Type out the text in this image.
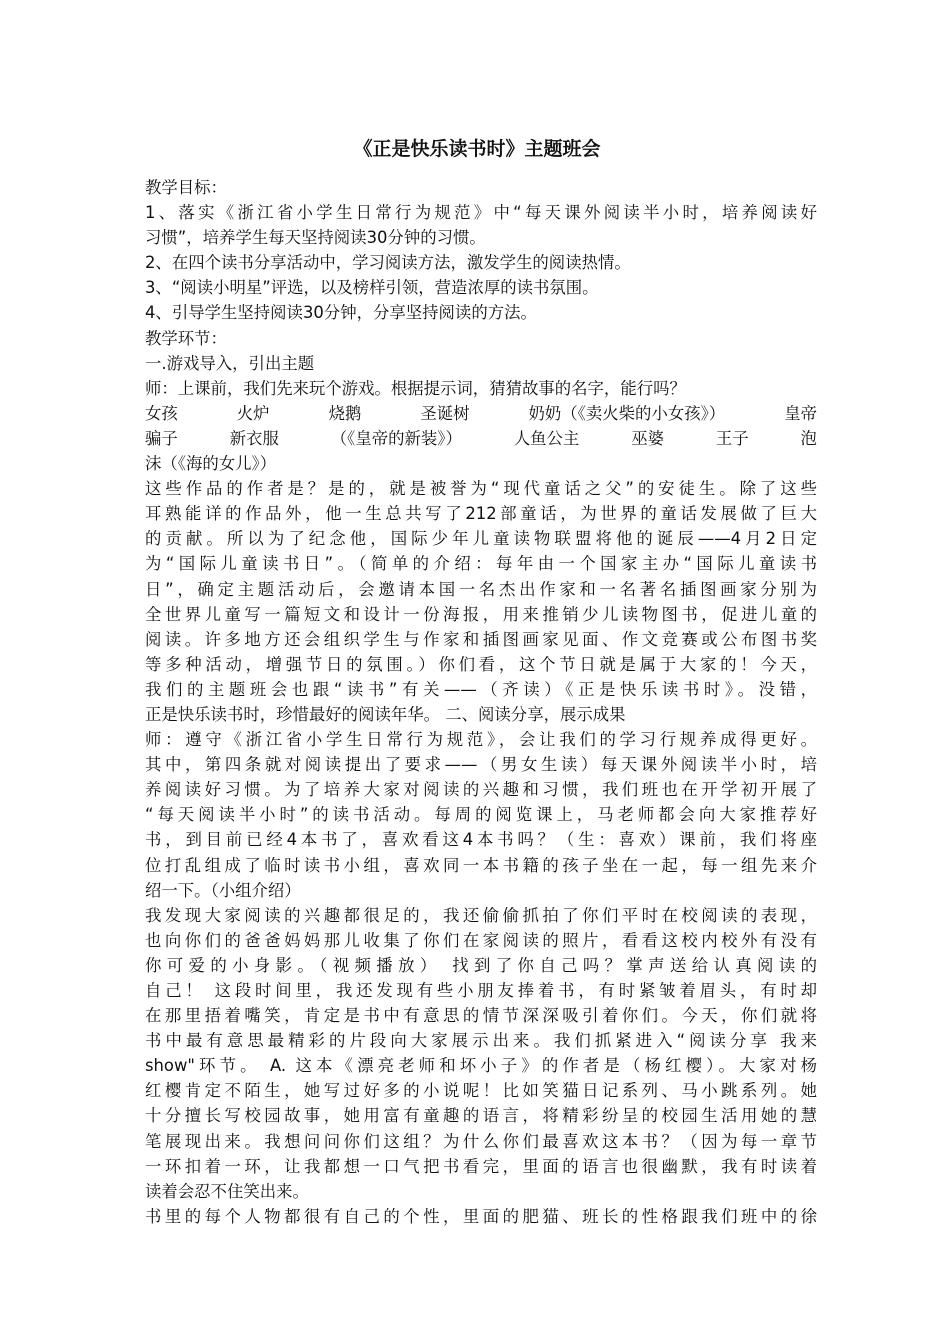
《正是快乐读书时》主题班会
教学目标：
1、落实《浙江省小学生日常行为规范》中“每天课外阅读半小时，培养阅读好
习惯”，培养学生每天坚持阅读30分钟的习惯。
2、在四个读书分享活动中，学习阅读方法，激发学生的阅读热情。
3、“阅读小明星”评选，以及榜样引领，营造浓厚的读书氛围。
4、引导学生坚持阅读30分钟，分享坚持阅读的方法。
教学环节：
一.游戏导入，引出主题
师：上课前，我们先来玩个游戏。根据提示词，猜猜故事的名字，能行吗？
女孩	火炉	烧鹅	圣诞树	奶奶（《卖火柴的小女孩》）	皇帝
骗子	新衣服	（《皇帝的新装》）	人鱼公主	巫婆	王子	泡
沫（《海的女儿》）
这些作品的作者是？是的，就是被誉为“现代童话之父”的安徒生。除了这些
耳熟能详的作品外，他一生总共写了212部童话，为世界的童话发展做了巨大
的贡献。所以为了纪念他，国际少年儿童读物联盟将他的诞辰——4月2日定
为“国际儿童读书日”。（简单的介绍：每年由一个国家主办“国际儿童读书
日”，确定主题活动后，会邀请本国一名杰出作家和一名著名插图画家分别为
全世界儿童写一篇短文和设计一份海报，用来推销少儿读物图书，促进儿童的
阅读。许多地方还会组织学生与作家和插图画家见面、作文竞赛或公布图书奖
等多种活动，增强节日的氛围。）你们看，这个节日就是属于大家的！今天，
我们的主题班会也跟“读书”有关——（齐读）《正是快乐读书时》。没错，
正是快乐读书时，珍惜最好的阅读年华。 二、阅读分享，展示成果
师：遵守《浙江省小学生日常行为规范》，会让我们的学习行规养成得更好。
其中，第四条就对阅读提出了要求——（男女生读）每天课外阅读半小时，培
养阅读好习惯。为了培养大家对阅读的兴趣和习惯，我们班也在开学初开展了
“每天阅读半小时”的读书活动。每周的阅览课上，马老师都会向大家推荐好
书，到目前已经4本书了，喜欢看这4本书吗？（生：喜欢）课前，我们将座
位打乱组成了临时读书小组，喜欢同一本书籍的孩子坐在一起，每一组先来介
绍一下。（小组介绍）
我发现大家阅读的兴趣都很足的，我还偷偷抓拍了你们平时在校阅读的表现，
也向你们的爸爸妈妈那儿收集了你们在家阅读的照片，看看这校内校外有没有
你可爱的小身影。（视频播放） 找到了你自己吗？掌声送给认真阅读的
自己！ 这段时间里，我还发现有些小朋友捧着书，有时紧皱着眉头，有时却
在那里捂着嘴笑，肯定是书中有意思的情节深深吸引着你们。今天，你们就将
书中最有意思最精彩的片段向大家展示出来。我们抓紧进入“阅读分享 我来
show"环节。 A. 这本《漂亮老师和坏小子》的作者是（杨红樱）。大家对杨
红樱肯定不陌生，她写过好多的小说呢！比如笑猫日记系列、马小跳系列。她
十分擅长写校园故事，她用富有童趣的语言，将精彩纷呈的校园生活用她的慧
笔展现出来。我想问问你们这组？为什么你们最喜欢这本书？（因为每一章节
一环扣着一环，让我都想一口气把书看完，里面的语言也很幽默，我有时读着
读着会忍不住笑出来。
书里的每个人物都很有自己的个性，里面的肥猫、班长的性格跟我们班中的徐
